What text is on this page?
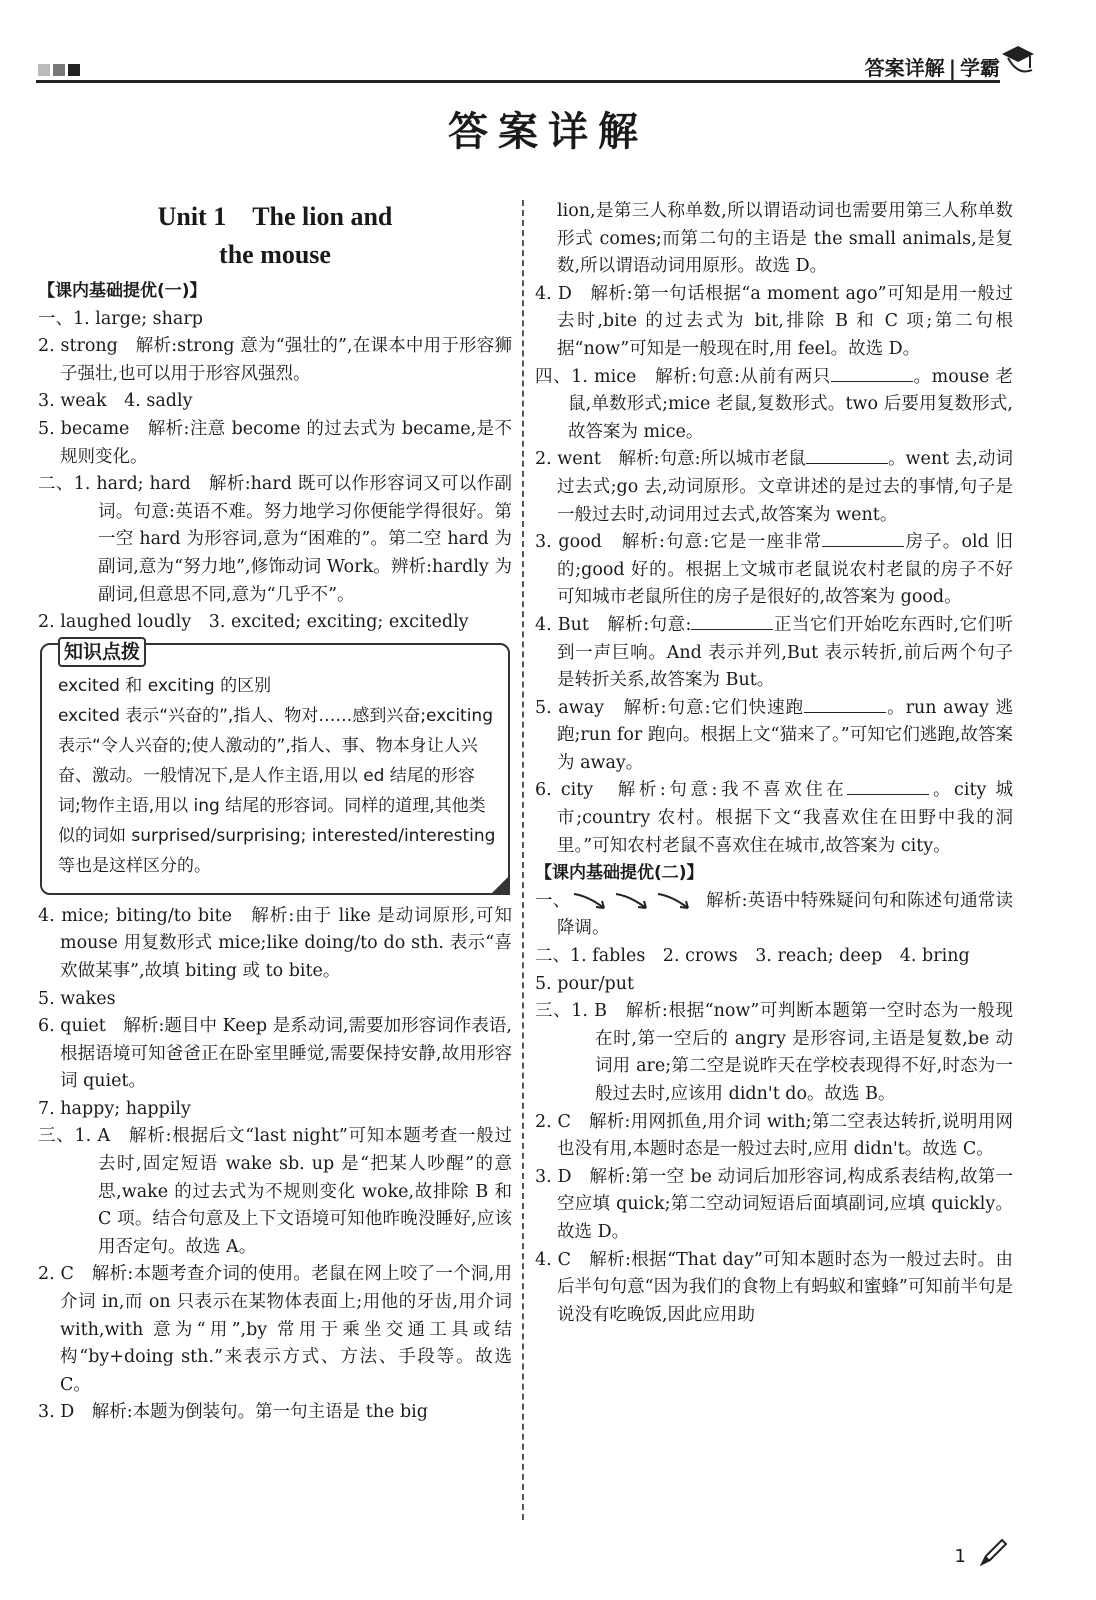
答案详解 | 学霸
答案详解
Unit 1　The lion and
the mouse
【课内基础提优(一)】

一、1. large; sharp

2. strong　解析:strong 意为“强壮的”,在课本中用于形容狮子强壮,也可以用于形容风强烈。

3. weak　4. sadly

5. became　解析:注意 become 的过去式为 became,是不规则变化。

二、1. hard; hard　解析:hard 既可以作形容词又可以作副词。句意:英语不难。努力地学习你便能学得很好。第一空 hard 为形容词,意为“困难的”。第二空 hard 为副词,意为“努力地”,修饰动词 Work。辨析:hardly 为副词,但意思不同,意为“几乎不”。

2. laughed loudly　3. excited; exciting; excitedly

知识点拨
excited 和 exciting 的区别
excited 表示“兴奋的”,指人、物对……感到兴奋;exciting 表示“令人兴奋的;使人激动的”,指人、事、物本身让人兴奋、激动。一般情况下,是人作主语,用以 ed 结尾的形容词;物作主语,用以 ing 结尾的形容词。同样的道理,其他类似的词如 surprised/surprising; interested/interesting 等也是这样区分的。

4. mice; biting/to bite　解析:由于 like 是动词原形,可知 mouse 用复数形式 mice;like doing/to do sth. 表示“喜欢做某事”,故填 biting 或 to bite。

5. wakes

6. quiet　解析:题目中 Keep 是系动词,需要加形容词作表语,根据语境可知爸爸正在卧室里睡觉,需要保持安静,故用形容词 quiet。

7. happy; happily

三、1. A　解析:根据后文“last night”可知本题考查一般过去时,固定短语 wake sb. up 是“把某人吵醒”的意思,wake 的过去式为不规则变化 woke,故排除 B 和 C 项。结合句意及上下文语境可知他昨晚没睡好,应该用否定句。故选 A。

2. C　解析:本题考查介词的使用。老鼠在网上咬了一个洞,用介词 in,而 on 只表示在某物体表面上;用他的牙齿,用介词 with,with 意为“用”,by 常用于乘坐交通工具或结构“by+doing sth.”来表示方式、方法、手段等。故选 C。

3. D　解析:本题为倒装句。第一句主语是 the big

lion,是第三人称单数,所以谓语动词也需要用第三人称单数形式 comes;而第二句的主语是 the small animals,是复数,所以谓语动词用原形。故选 D。

4. D　解析:第一句话根据“a moment ago”可知是用一般过去时,bite 的过去式为 bit,排除 B 和 C 项;第二句根据“now”可知是一般现在时,用 feel。故选 D。

四、1. mice　解析:句意:从前有两只	。mouse 老鼠,单数形式;mice 老鼠,复数形式。two 后要用复数形式,故答案为 mice。

2. went　解析:句意:所以城市老鼠	。went 去,动词过去式;go 去,动词原形。文章讲述的是过去的事情,句子是一般过去时,动词用过去式,故答案为 went。

3. good　解析:句意:它是一座非常	房子。old 旧的;good 好的。根据上文城市老鼠说农村老鼠的房子不好可知城市老鼠所住的房子是很好的,故答案为 good。

4. But　解析:句意:	正当它们开始吃东西时,它们听到一声巨响。And 表示并列,But 表示转折,前后两个句子是转折关系,故答案为 But。

5. away　解析:句意:它们快速跑	。run away 逃跑;run for 跑向。根据上文“猫来了。”可知它们逃跑,故答案为 away。

6. city　解析:句意:我不喜欢住在	。city 城市;country 农村。根据下文“我喜欢住在田野中我的洞里。”可知农村老鼠不喜欢住在城市,故答案为 city。

【课内基础提优(二)】

一、	解析:英语中特殊疑问句和陈述句通常读降调。

二、1. fables　2. crows　3. reach; deep　4. bring

5. pour/put

三、1. B　解析:根据“now”可判断本题第一空时态为一般现在时,第一空后的 angry 是形容词,主语是复数,be 动词用 are;第二空是说昨天在学校表现得不好,时态为一般过去时,应该用 didn't do。故选 B。

2. C　解析:用网抓鱼,用介词 with;第二空表达转折,说明用网也没有用,本题时态是一般过去时,应用 didn't。故选 C。

3. D　解析:第一空 be 动词后加形容词,构成系表结构,故第一空应填 quick;第二空动词短语后面填副词,应填 quickly。故选 D。

4. C　解析:根据“That day”可知本题时态为一般过去时。由后半句句意“因为我们的食物上有蚂蚁和蜜蜂”可知前半句是说没有吃晚饭,因此应用助

1
